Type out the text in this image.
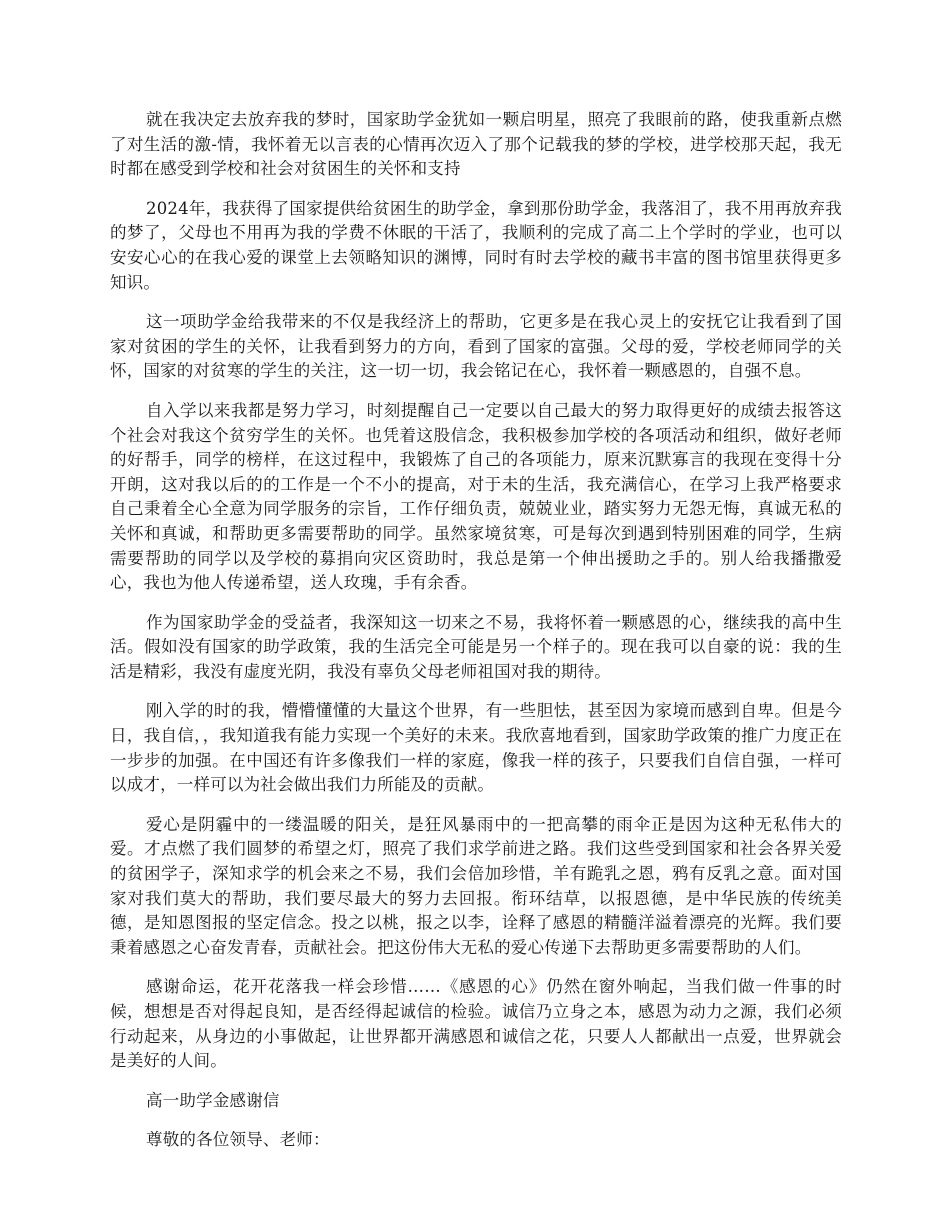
就在我决定去放弃我的梦时，国家助学金犹如一颗启明星，照亮了我眼前的路，使我重新点燃了对生活的激-情，我怀着无以言表的心情再次迈入了那个记载我的梦的学校，进学校那天起，我无时都在感受到学校和社会对贫困生的关怀和支持

2024年，我获得了国家提供给贫困生的助学金，拿到那份助学金，我落泪了，我不用再放弃我的梦了，父母也不用再为我的学费不休眠的干活了，我顺利的完成了高二上个学时的学业，也可以安安心心的在我心爱的课堂上去领略知识的渊博，同时有时去学校的藏书丰富的图书馆里获得更多知识。

这一项助学金给我带来的不仅是我经济上的帮助，它更多是在我心灵上的安抚它让我看到了国家对贫困的学生的关怀，让我看到努力的方向，看到了国家的富强。父母的爱，学校老师同学的关怀，国家的对贫寒的学生的关注，这一切一切，我会铭记在心，我怀着一颗感恩的，自强不息。

自入学以来我都是努力学习，时刻提醒自己一定要以自己最大的努力取得更好的成绩去报答这个社会对我这个贫穷学生的关怀。也凭着这股信念，我积极参加学校的各项活动和组织，做好老师的好帮手，同学的榜样，在这过程中，我锻炼了自己的各项能力，原来沉默寡言的我现在变得十分开朗，这对我以后的的工作是一个不小的提高，对于未的生活，我充满信心，在学习上我严格要求自己秉着全心全意为同学服务的宗旨，工作仔细负责，兢兢业业，踏实努力无怨无悔，真诚无私的关怀和真诚，和帮助更多需要帮助的同学。虽然家境贫寒，可是每次到遇到特别困难的同学，生病需要帮助的同学以及学校的募捐向灾区资助时，我总是第一个伸出援助之手的。别人给我播撒爱心，我也为他人传递希望，送人玫瑰，手有余香。

作为国家助学金的受益者，我深知这一切来之不易，我将怀着一颗感恩的心，继续我的高中生活。假如没有国家的助学政策，我的生活完全可能是另一个样子的。现在我可以自豪的说：我的生活是精彩，我没有虚度光阴，我没有辜负父母老师祖国对我的期待。

刚入学的时的我，懵懵懂懂的大量这个世界，有一些胆怯，甚至因为家境而感到自卑。但是今日，我自信，，我知道我有能力实现一个美好的未来。我欣喜地看到，国家助学政策的推广力度正在一步步的加强。在中国还有许多像我们一样的家庭，像我一样的孩子，只要我们自信自强，一样可以成才，一样可以为社会做出我们力所能及的贡献。

爱心是阴霾中的一缕温暖的阳关，是狂风暴雨中的一把高攀的雨伞正是因为这种无私伟大的爱。才点燃了我们圆梦的希望之灯，照亮了我们求学前进之路。我们这些受到国家和社会各界关爱的贫困学子，深知求学的机会来之不易，我们会倍加珍惜，羊有跪乳之恩，鸦有反乳之意。面对国家对我们莫大的帮助，我们要尽最大的努力去回报。衔环结草，以报恩德，是中华民族的传统美德，是知恩图报的坚定信念。投之以桃，报之以李，诠释了感恩的精髓洋溢着漂亮的光辉。我们要秉着感恩之心奋发青春，贡献社会。把这份伟大无私的爱心传递下去帮助更多需要帮助的人们。

感谢命运，花开花落我一样会珍惜……《感恩的心》仍然在窗外响起，当我们做一件事的时候，想想是否对得起良知，是否经得起诚信的检验。诚信乃立身之本，感恩为动力之源，我们必须行动起来，从身边的小事做起，让世界都开满感恩和诚信之花，只要人人都献出一点爱，世界就会是美好的人间。

高一助学金感谢信

尊敬的各位领导、老师：
